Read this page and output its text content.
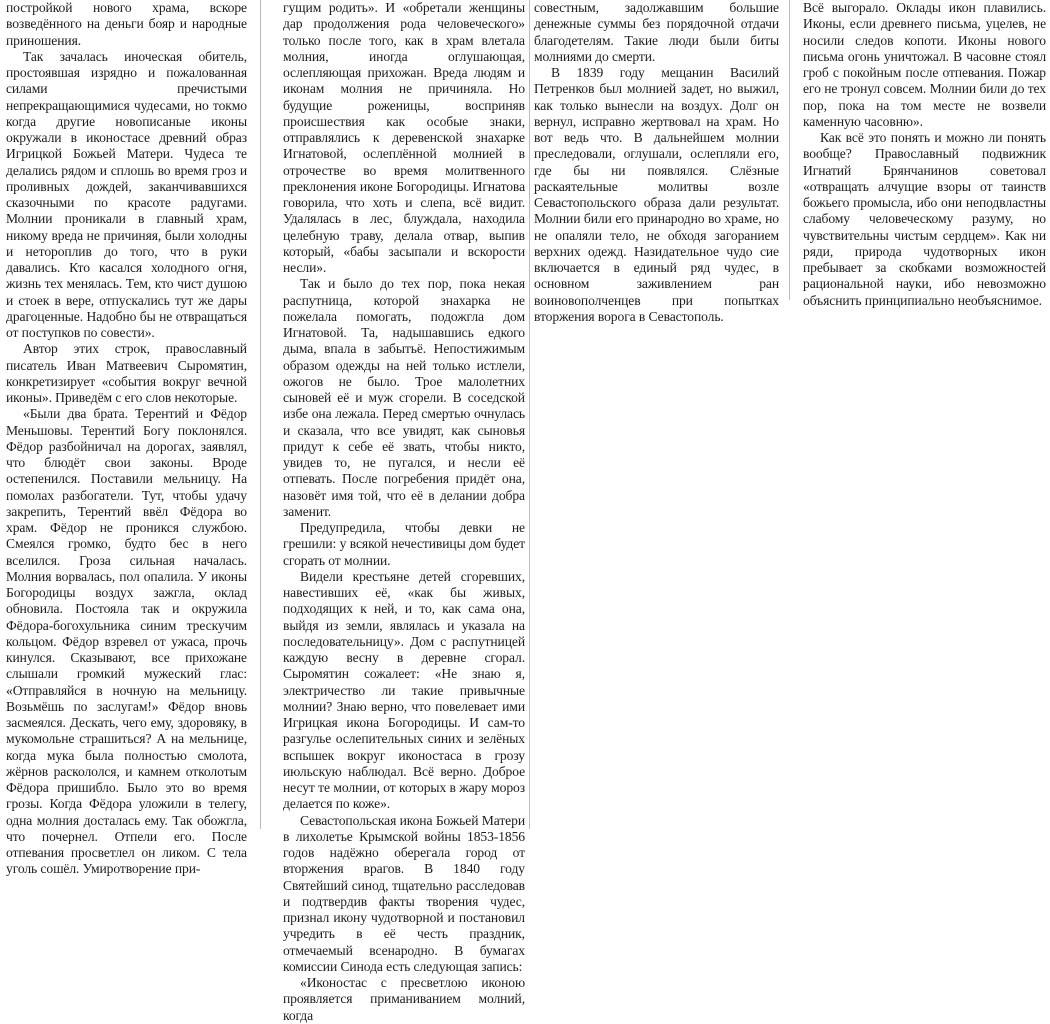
постройкой нового храма, вскоре возведённого на деньги бояр и народные приношения.

Так зачалась иноческая обитель, простоявшая изрядно и пожалованная силами пречистыми непрекращающимися чудесами, но токмо когда другие новописаные иконы окружали в иконостасе древний образ Игрицкой Божьей Матери. Чудеса те делались рядом и сплошь во время гроз и проливных дождей, заканчивавшихся сказочными по красоте радугами. Молнии проникали в главный храм, никому вреда не причиняя, были холодны и нетороплив до того, что в руки давались. Кто касался холодного огня, жизнь тех менялась. Тем, кто чист душою и стоек в вере, отпускались тут же дары драгоценные. Надобно бы не отвращаться от поступков по совести».

Автор этих строк, православный писатель Иван Матвеевич Сыромятин, конкретизирует «события вокруг вечной иконы». Приведём с его слов некоторые.

«Были два брата. Терентий и Фёдор Меньшовы. Терентий Богу поклонялся. Фёдор разбойничал на дорогах, заявлял, что блюдёт свои законы. Вроде остепенился. Поставили мельницу. На помолах разбогатели. Тут, чтобы удачу закрепить, Терентий ввёл Фёдора во храм. Фёдор не проникся службою. Смеялся громко, будто бес в него вселился. Гроза сильная началась. Молния ворвалась, пол опалила. У иконы Богородицы воздух зажгла, оклад обновила. Постояла так и окружила Фёдора-богохульника синим трескучим кольцом. Фёдор взревел от ужаса, прочь кинулся. Сказывают, все прихожане слышали громкий мужеский глас: «Отправляйся в ночную на мельницу. Возьмёшь по заслугам!» Фёдор вновь засмеялся. Дескать, чего ему, здоровяку, в мукомольне страшиться? А на мельнице, когда мука была полностью смолота, жёрнов раскололся, и камнем отколотым Фёдора пришибло. Было это во время грозы. Когда Фёдора уложили в телегу, одна молния досталась ему. Так обожгла, что почернел. Отпели его. После отпевания просветлел он ликом. С тела уголь сошёл. Умиротворение при-

гущим родить». И «обретали женщины дар продолжения рода человеческого» только после того, как в храм влетала молния, иногда оглушающая, ослепляющая прихожан. Вреда людям и иконам молния не причиняла. Но будущие роженицы, восприняв происшествия как особые знаки, отправлялись к деревенской знахарке Игнатовой, ослеплённой молнией в отрочестве во время молитвенного преклонения иконе Богородицы. Игнатова говорила, что хоть и слепа, всё видит. Удалялась в лес, блуждала, находила целебную траву, делала отвар, выпив который, «бабы засыпали и вскорости несли».

Так и было до тех пор, пока некая распутница, которой знахарка не пожелала помогать, подожгла дом Игнатовой. Та, надышавшись едкого дыма, впала в забытьё. Непостижимым образом одежды на ней только истлели, ожогов не было. Трое малолетних сыновей её и муж сгорели. В соседской избе она лежала. Перед смертью очнулась и сказала, что все увидят, как сыновья придут к себе её звать, чтобы никто, увидев то, не пугался, и несли её отпевать. После погребения придёт она, назовёт имя той, что её в делании добра заменит.

Предупредила, чтобы девки не грешили: у всякой нечестивицы дом будет сгорать от молнии.

Видели крестьяне детей сгоревших, навестивших её, «как бы живых, подходящих к ней, и то, как сама она, выйдя из земли, являлась и указала на последовательницу». Дом с распутницей каждую весну в деревне сгорал. Сыромятин сожалеет: «Не знаю я, электричество ли такие привычные молнии? Знаю верно, что повелевает ими Игрицкая икона Богородицы. И сам-то разгулье ослепительных синих и зелёных вспышек вокруг иконостаса в грозу июльскую наблюдал. Всё верно. Доброе несут те молнии, от которых в жару мороз делается по коже».

Севастопольская икона Божьей Матери в лихолетье Крымской войны 1853-1856 годов надёжно оберегала город от вторжения врагов. В 1840 году Святейший синод, тщательно расследовав и подтвердив факты творения чудес, признал икону чудотворной и постановил учредить в её честь праздник, отмечаемый всенародно. В бумагах комиссии Синода есть следующая запись:

«Иконостас с пресветлою иконою проявляется приманиванием молний, когда

совестным, задолжавшим большие денежные суммы без порядочной отдачи благодетелям. Такие люди были биты молниями до смерти.

В 1839 году мещанин Василий Петренков был молнией задет, но выжил, как только вынесли на воздух. Долг он вернул, исправно жертвовал на храм. Но вот ведь что. В дальнейшем молнии преследовали, оглушали, ослепляли его, где бы ни появлялся. Слёзные раскаятельные молитвы возле Севастопольского образа дали результат. Молнии били его принародно во храме, но не опаляли тело, не обходя загоранием верхних одежд. Назидательное чудо сие включается в единый ряд чудес, в основном заживлением ран воиновополченцев при попытках вторжения ворога в Севастополь.

Всё выгорало. Оклады икон плавились. Иконы, если древнего письма, уцелев, не носили следов копоти. Иконы нового письма огонь уничтожал. В часовне стоял гроб с покойным после отпевания. Пожар его не тронул совсем. Молнии били до тех пор, пока на том месте не возвели каменную часовню».

Как всё это понять и можно ли понять вообще? Православный подвижник Игнатий Брянчанинов советовал «отвращать алчущие взоры от таинств божьего промысла, ибо они неподвластны слабому человеческому разуму, но чувствительны чистым сердцем». Как ни ряди, природа чудотворных икон пребывает за скобками возможностей рациональной науки, ибо невозможно объяснить принципиально необъяснимое.
